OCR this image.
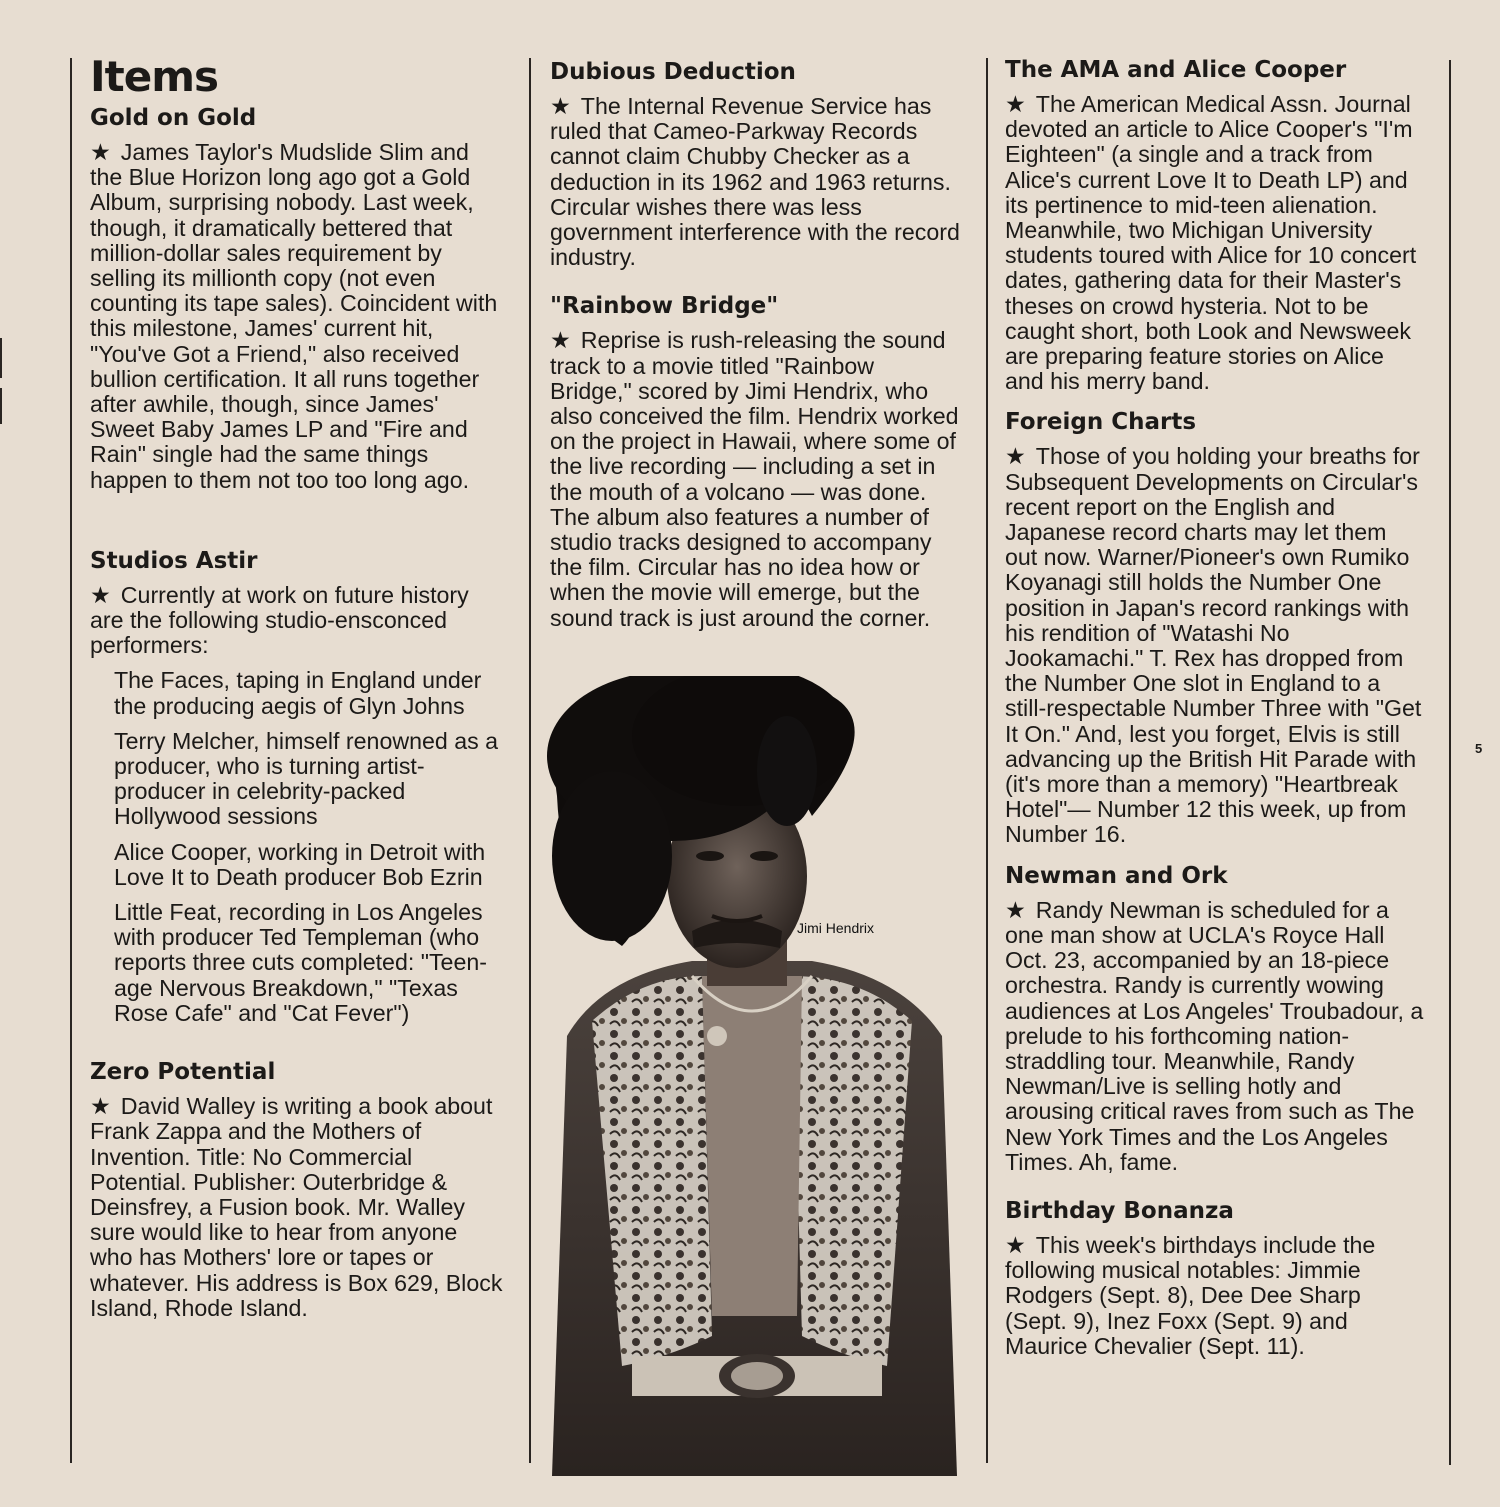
Items
Gold on Gold

★ James Taylor's Mudslide Slim and the Blue Horizon long ago got a Gold Album, surprising nobody. Last week, though, it dramatically bettered that million-dollar sales requirement by selling its millionth copy (not even counting its tape sales). Coincident with this milestone, James' current hit, "You've Got a Friend," also received bullion certification. It all runs together after awhile, though, since James' Sweet Baby James LP and "Fire and Rain" single had the same things happen to them not too too long ago.

Studios Astir

★ Currently at work on future history are the following studio-ensconced performers:

The Faces, taping in England under the producing aegis of Glyn Johns

Terry Melcher, himself renowned as a producer, who is turning artist-producer in celebrity-packed Hollywood sessions

Alice Cooper, working in Detroit with Love It to Death producer Bob Ezrin

Little Feat, recording in Los Angeles with producer Ted Templeman (who reports three cuts completed: "Teen-age Nervous Breakdown," "Texas Rose Cafe" and "Cat Fever")

Zero Potential

★ David Walley is writing a book about Frank Zappa and the Mothers of Invention. Title: No Commercial Potential. Publisher: Outerbridge & Deinsfrey, a Fusion book. Mr. Walley sure would like to hear from anyone who has Mothers' lore or tapes or whatever. His address is Box 629, Block Island, Rhode Island.

Dubious Deduction

★ The Internal Revenue Service has ruled that Cameo-Parkway Records cannot claim Chubby Checker as a deduction in its 1962 and 1963 returns. Circular wishes there was less government interference with the record industry.

"Rainbow Bridge"

★ Reprise is rush-releasing the sound track to a movie titled "Rainbow Bridge," scored by Jimi Hendrix, who also conceived the film. Hendrix worked on the project in Hawaii, where some of the live recording — including a set in the mouth of a volcano — was done. The album also features a number of studio tracks designed to accompany the film. Circular has no idea how or when the movie will emerge, but the sound track is just around the corner.

Jimi Hendrix
The AMA and Alice Cooper

★ The American Medical Assn. Journal devoted an article to Alice Cooper's "I'm Eighteen" (a single and a track from Alice's current Love It to Death LP) and its pertinence to mid-teen alienation. Meanwhile, two Michigan University students toured with Alice for 10 concert dates, gathering data for their Master's theses on crowd hysteria. Not to be caught short, both Look and Newsweek are preparing feature stories on Alice and his merry band.

Foreign Charts

★ Those of you holding your breaths for Subsequent Developments on Circular's recent report on the English and Japanese record charts may let them out now. Warner/Pioneer's own Rumiko Koyanagi still holds the Number One position in Japan's record rankings with his rendition of "Watashi No Jookamachi." T. Rex has dropped from the Number One slot in England to a still-respectable Number Three with "Get It On." And, lest you forget, Elvis is still advancing up the British Hit Parade with (it's more than a memory) "Heartbreak Hotel"— Number 12 this week, up from Number 16.

Newman and Ork

★ Randy Newman is scheduled for a one man show at UCLA's Royce Hall Oct. 23, accompanied by an 18-piece orchestra. Randy is currently wowing audiences at Los Angeles' Troubadour, a prelude to his forthcoming nation-straddling tour. Meanwhile, Randy Newman/Live is selling hotly and arousing critical raves from such as The New York Times and the Los Angeles Times. Ah, fame.

Birthday Bonanza

★ This week's birthdays include the following musical notables: Jimmie Rodgers (Sept. 8), Dee Dee Sharp (Sept. 9), Inez Foxx (Sept. 9) and Maurice Chevalier (Sept. 11).

5
